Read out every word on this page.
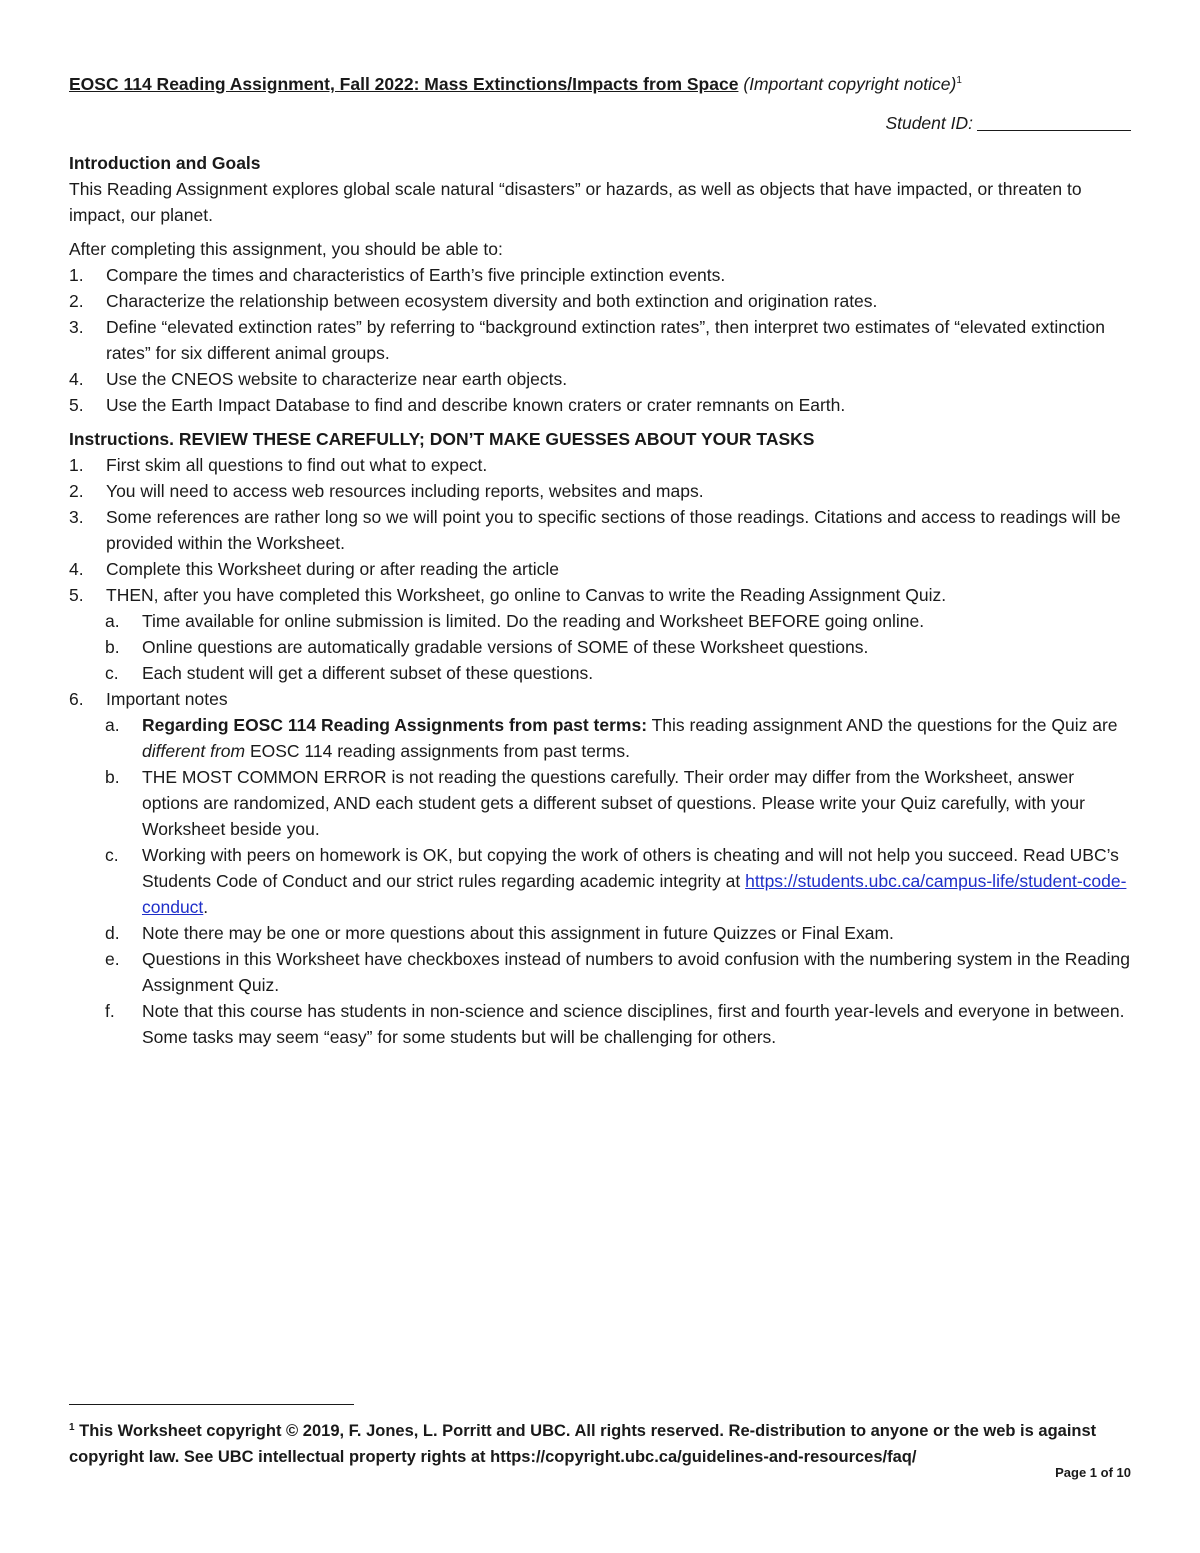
EOSC 114 Reading Assignment, Fall 2022: Mass Extinctions/Impacts from Space (Important copyright notice)$^1$
Student ID:

Introduction and Goals

This Reading Assignment explores global scale natural “disasters” or hazards, as well as objects that have impacted, or threaten to impact, our planet.

After completing this assignment, you should be able to:

1. Compare the times and characteristics of Earth’s five principle extinction events.
2. Characterize the relationship between ecosystem diversity and both extinction and origination rates.
3. Define “elevated extinction rates” by referring to “background extinction rates”, then interpret two estimates of “elevated extinction rates” for six different animal groups.
4. Use the CNEOS website to characterize near earth objects.
5. Use the Earth Impact Database to find and describe known craters or crater remnants on Earth.

Instructions. REVIEW THESE CAREFULLY; DON’T MAKE GUESSES ABOUT YOUR TASKS

1. First skim all questions to find out what to expect.
2. You will need to access web resources including reports, websites and maps.
3. Some references are rather long so we will point you to specific sections of those readings. Citations and access to readings will be provided within the Worksheet.
4. Complete this Worksheet during or after reading the article
5. THEN, after you have completed this Worksheet, go online to Canvas to write the Reading Assignment Quiz.
a. Time available for online submission is limited. Do the reading and Worksheet BEFORE going online.
b. Online questions are automatically gradable versions of SOME of these Worksheet questions.
c. Each student will get a different subset of these questions.
6. Important notes
a. Regarding EOSC 114 Reading Assignments from past terms: This reading assignment AND the questions for the Quiz are different from EOSC 114 reading assignments from past terms.
b. THE MOST COMMON ERROR is not reading the questions carefully. Their order may differ from the Worksheet, answer options are randomized, AND each student gets a different subset of questions. Please write your Quiz carefully, with your Worksheet beside you.
c. Working with peers on homework is OK, but copying the work of others is cheating and will not help you succeed. Read UBC’s Students Code of Conduct and our strict rules regarding academic integrity at https://students.ubc.ca/campus-life/student-code-conduct.
d. Note there may be one or more questions about this assignment in future Quizzes or Final Exam.
e. Questions in this Worksheet have checkboxes instead of numbers to avoid confusion with the numbering system in the Reading Assignment Quiz.
f. Note that this course has students in non-science and science disciplines, first and fourth year-levels and everyone in between. Some tasks may seem “easy” for some students but will be challenging for others.
$^1$ This Worksheet copyright © 2019, F. Jones, L. Porritt and UBC. All rights reserved. Re-distribution to anyone or the web is against copyright law. See UBC intellectual property rights at https://copyright.ubc.ca/guidelines-and-resources/faq/
Page 1 of 10
